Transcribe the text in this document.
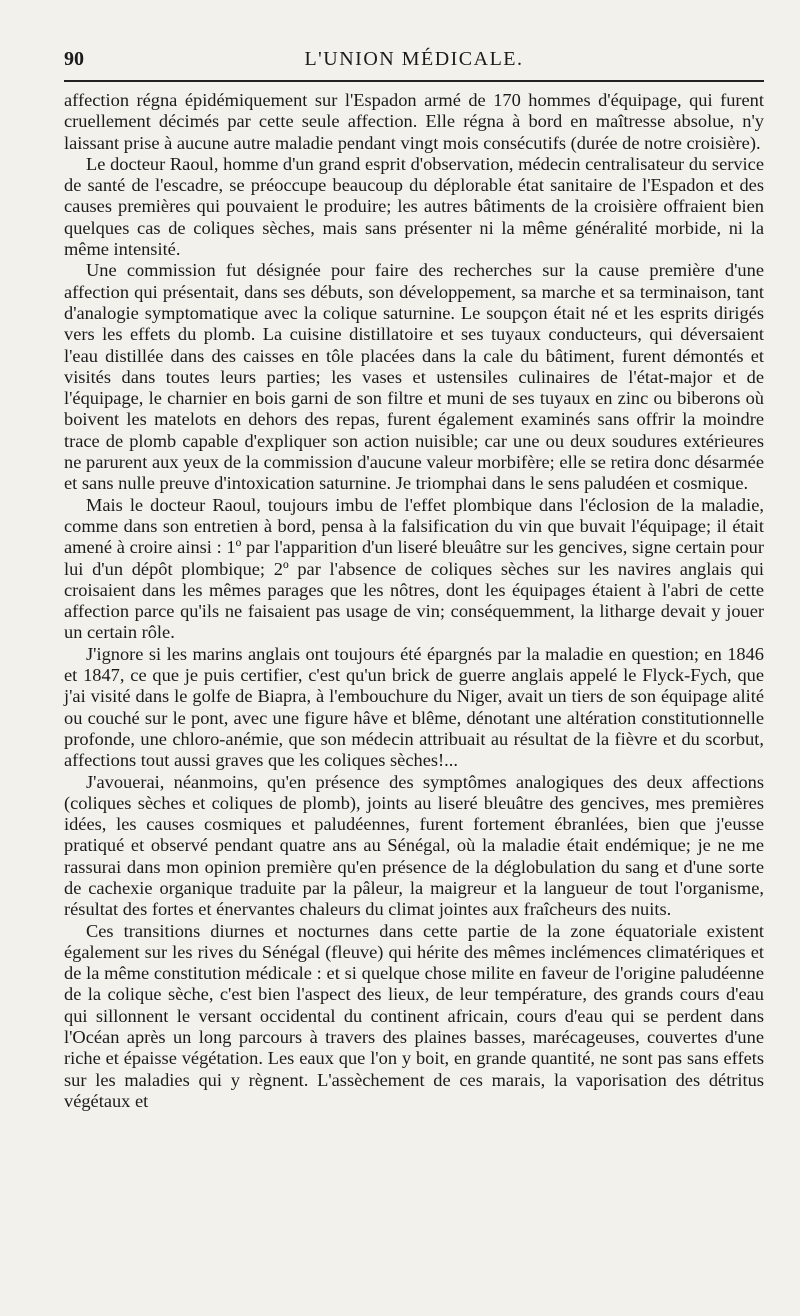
90	L'UNION MÉDICALE.

affection régna épidémiquement sur l'Espadon armé de 170 hommes d'équipage, qui furent cruellement décimés par cette seule affection. Elle régna à bord en maîtresse absolue, n'y laissant prise à aucune autre maladie pendant vingt mois consécutifs (durée de notre croisière).

Le docteur Raoul, homme d'un grand esprit d'observation, médecin centralisateur du service de santé de l'escadre, se préoccupe beaucoup du déplorable état sanitaire de l'Espadon et des causes premières qui pouvaient le produire; les autres bâtiments de la croisière offraient bien quelques cas de coliques sèches, mais sans présenter ni la même généralité morbide, ni la même intensité.

Une commission fut désignée pour faire des recherches sur la cause première d'une affection qui présentait, dans ses débuts, son développement, sa marche et sa terminaison, tant d'analogie symptomatique avec la colique saturnine. Le soupçon était né et les esprits dirigés vers les effets du plomb. La cuisine distillatoire et ses tuyaux conducteurs, qui déversaient l'eau distillée dans des caisses en tôle placées dans la cale du bâtiment, furent démontés et visités dans toutes leurs parties; les vases et ustensiles culinaires de l'état-major et de l'équipage, le charnier en bois garni de son filtre et muni de ses tuyaux en zinc ou biberons où boivent les matelots en dehors des repas, furent également examinés sans offrir la moindre trace de plomb capable d'expliquer son action nuisible; car une ou deux soudures extérieures ne parurent aux yeux de la commission d'aucune valeur morbifère; elle se retira donc désarmée et sans nulle preuve d'intoxication saturnine. Je triomphai dans le sens paludéen et cosmique.

Mais le docteur Raoul, toujours imbu de l'effet plombique dans l'éclosion de la maladie, comme dans son entretien à bord, pensa à la falsification du vin que buvait l'équipage; il était amené à croire ainsi : 1º par l'apparition d'un liseré bleuâtre sur les gencives, signe certain pour lui d'un dépôt plombique; 2º par l'absence de coliques sèches sur les navires anglais qui croisaient dans les mêmes parages que les nôtres, dont les équipages étaient à l'abri de cette affection parce qu'ils ne faisaient pas usage de vin; conséquemment, la litharge devait y jouer un certain rôle.

J'ignore si les marins anglais ont toujours été épargnés par la maladie en question; en 1846 et 1847, ce que je puis certifier, c'est qu'un brick de guerre anglais appelé le Flyck-Fych, que j'ai visité dans le golfe de Biapra, à l'embouchure du Niger, avait un tiers de son équipage alité ou couché sur le pont, avec une figure hâve et blême, dénotant une altération constitutionnelle profonde, une chloro-anémie, que son médecin attribuait au résultat de la fièvre et du scorbut, affections tout aussi graves que les coliques sèches!...

J'avouerai, néanmoins, qu'en présence des symptômes analogiques des deux affections (coliques sèches et coliques de plomb), joints au liseré bleuâtre des gencives, mes premières idées, les causes cosmiques et paludéennes, furent fortement ébranlées, bien que j'eusse pratiqué et observé pendant quatre ans au Sénégal, où la maladie était endémique; je ne me rassurai dans mon opinion première qu'en présence de la déglobulation du sang et d'une sorte de cachexie organique traduite par la pâleur, la maigreur et la langueur de tout l'organisme, résultat des fortes et énervantes chaleurs du climat jointes aux fraîcheurs des nuits.

Ces transitions diurnes et nocturnes dans cette partie de la zone équatoriale existent également sur les rives du Sénégal (fleuve) qui hérite des mêmes inclémences climatériques et de la même constitution médicale : et si quelque chose milite en faveur de l'origine paludéenne de la colique sèche, c'est bien l'aspect des lieux, de leur température, des grands cours d'eau qui sillonnent le versant occidental du continent africain, cours d'eau qui se perdent dans l'Océan après un long parcours à travers des plaines basses, marécageuses, couvertes d'une riche et épaisse végétation. Les eaux que l'on y boit, en grande quantité, ne sont pas sans effets sur les maladies qui y règnent. L'assèchement de ces marais, la vaporisation des détritus végétaux et
